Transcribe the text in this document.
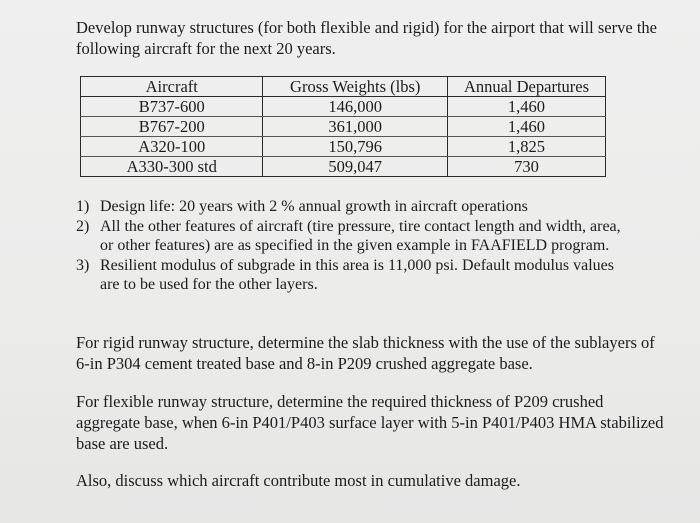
Develop runway structures (for both flexible and rigid) for the airport that will serve the following aircraft for the next 20 years.

Aircraft	Gross Weights (lbs)	Annual Departures
B737-600	146,000	1,460
B767-200	361,000	1,460
A320-100	150,796	1,825
A330-300 std	509,047	730
1) Design life: 20 years with 2 % annual growth in aircraft operations
2) All the other features of aircraft (tire pressure, tire contact length and width, area, or other features) are as specified in the given example in FAAFIELD program.
3) Resilient modulus of subgrade in this area is 11,000 psi. Default modulus values are to be used for the other layers.

For rigid runway structure, determine the slab thickness with the use of the sublayers of 6-in P304 cement treated base and 8-in P209 crushed aggregate base.

For flexible runway structure, determine the required thickness of P209 crushed aggregate base, when 6-in P401/P403 surface layer with 5-in P401/P403 HMA stabilized base are used.

Also, discuss which aircraft contribute most in cumulative damage.
